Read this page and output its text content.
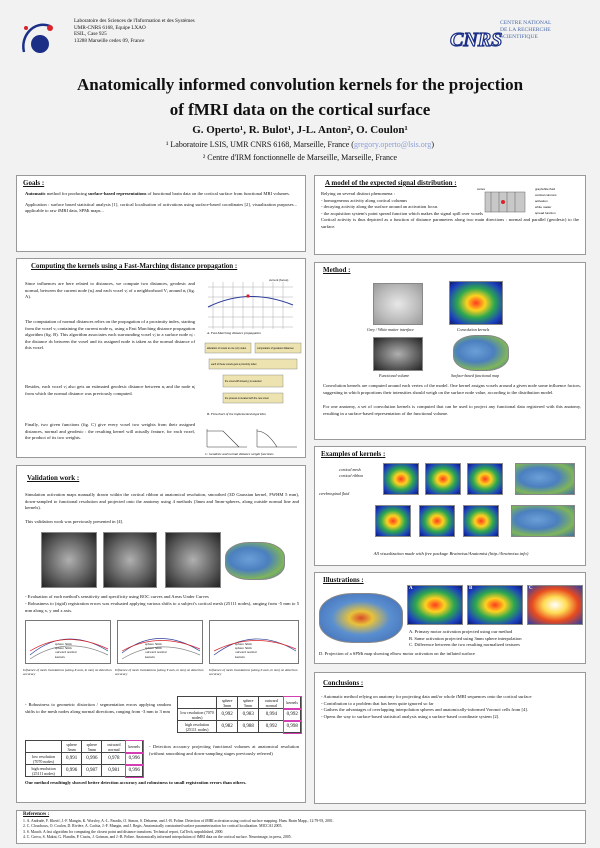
Laboratoire des Sciences de l'Information et des Systèmes
UMR-CNRS 6168, Equipe LXAO
ESIL, Case 925
13288 Marseille cedex 09, France	CNRS
CENTRE NATIONAL
DE LA RECHERCHE
SCIENTIFIQUE
Anatomically informed convolution kernels for the projection
of fMRI data on the cortical surface
G. Operto¹, R. Bulot¹, J-L. Anton², O. Coulon¹
¹ Laboratoire LSIS, UMR CNRS 6168, Marseille, France (gregory.operto@lsis.org)
² Centre d'IRM fonctionnelle de Marseille, Marseille, France
Goals :
Automatic method for producing surface-based representations of functional brain data on the cortical surface from functional MRI volumes.
Application : surface based statistical analysis [1], cortical localisation of activations using surface-based coordinates [2], visualization purposes... applicable to raw fMRI data, SPMt maps...
A model of the expected signal distribution :
Relying on several distinct phenomena :
- homogeneous activity along cortical columns
- decaying activity along the surface around an activation focus
- the acquisition system's point spread function which makes the signal spill over voxels
Cortical activity is thus depicted as a function of distance parameters along two main directions : normal and parallel (geodesic) to the surface.
gray/white fluid
cortical columns
activation
white matter
cortex
spread function
Computing the kernels using a Fast-Marching distance propagation :
Since influences are here related to distances, we compute two distances, geodesic and normal, between the current node (nᵢ) and each voxel vⱼ of a neighborhood Vᵢ around nᵢ (fig. A).
The computation of normal distances relies on the propagation of a proximity index, starting from the voxel vᵢ containing the current node nᵢ, using a Fast Marching distance propagation algorithm (fig. B). This algorithm associates each surrounding voxel vⱼ to a surface node nⱼ : the distance dₙ between the voxel and its assigned node is taken as the normal distance of this voxel.
Besides, each voxel vⱼ also gets an estimated geodesic distance between nᵢ and the node nⱼ from which the normal distance was previously computed.
Finally, two given functions (fig. C) give every voxel two weights from their assigned distances, normal and geodesic : the resulting kernel will actually feature, for each voxel, the product of its two weights.
current (focus)
A. Fast-Marching distance propagation
allocation of voxels to one (or) nodes	computation of geodesic distances
each of these voxels gets a proximity index
the voxel with lowest pⱼ is selected
the process is iterated with the new voxel
B. Flowchart of the implemented algorithm
C. Geodesic and normal distance weight functions
Method :
Grey / White matter interface	Convolution kernels
Functional volume	Surface-based functional map
Convolution kernels are computed around each vertex of the model. One kernel assigns voxels around a given node some influence factors, suggesting in which proportions their intensities should weigh on the surface node value, according to the distribution model.
For one anatomy, a set of convolution kernels is computed that can be used to project any functional data registered with this anatomy, resulting in a surface-based representation of the functional volume.
Examples of kernels :
cortical mesh
cortical ribbon
cerebrospinal fluid
All visualization made with free package Brainvisa/Anatomist (http://brainvisa.info)
Validation work :
Simulation activation maps manually drawn within the cortical ribbon at anatomical resolution, smoothed (3D Gaussian kernel, FWHM 5 mm), down-sampled to functional resolution and projected onto the anatomy using 4 methods (3mm and 5mm-spheres, along outside normal line and kernels).
This validation work was previously presented in [4].
- Evaluation of each method's sensitivity and specificity using ROC curves and Areas Under Curves
- Robustness to (rigid) registration errors was evaluated applying various shifts to a subject's cortical mesh (25111 nodes), ranging from -5 mm to 5 mm along x, y and z axis.
sphere 3mm
sphere 5mm
outward normal
kernels
sphere 3mm
sphere 5mm
outward normal
kernels
sphere 3mm
sphere 5mm
outward normal
kernels
Influence of mesh translations (along X axis, in mm) on detection accuracy
Influence of mesh translations (along Y axis, in mm) on detection accuracy
Influence of mesh translations (along Z axis, in mm) on detection accuracy
- Robustness to geometric distortion / segmentation errors applying random shifts to the mesh nodes along normal directions, ranging from -3 mm to 3 mm
	sphere 3mm	sphere 5mm	outward normal	kernels
low resolution (7070 nodes)	0,992	0,983	0,994	0,992
high resolution (25111 nodes)	0,982	0,988	0,992	0,998
	sphere 3mm	sphere 5mm	outward normal	kernels
low resolution (7070 nodes)	0,991	0,996	0,978	0,996
high resolution (25111 nodes)	0,996	0,987	0,981	0,996
- Detection accuracy projecting functional volumes at anatomical resolution (without smoothing and down-sampling stages previously referred)
Our method resultingly showed better detection accuracy and robustness to small registration errors than others.
Illustrations :
A	B	C
D
A. Primary motor activation projected using our method
B. Same activation projected using 3mm sphere interpolation
C. Difference between the two resulting normalized textures
D. Projection of a SPMt map showing elbow motor activation on the inflated surface
Conclusions :
- Automatic method relying on anatomy for projecting data and/or whole fMRI sequences onto the cortical surface
- Contribution to a problem that has been quite ignored so far
- Gathers the advantages of overlapping interpolation spheres and anatomically-informed Voronoï cells from [4].
- Opens the way to surface-based statistical analysis using a surface-based coordinate system [2].
References :
1. A. Andrade, F. Kherif, J.-F. Mangin, K. Worsley, A.-L. Paradis, O. Simon, S. Dehaene, and J.-B. Poline. Detection of fMRI activation using cortical surface mapping. Hum. Brain Mapp., 12:79-93, 2001.
2. C. Clouchoux, O. Coulon, D. Rivière, A. Cachia, J.-F. Mangin, and J. Regis. Anatomically constrained surface parameterization for cortical localization. MICCAI 2005.
3. S. Mauch. A fast algorithm for computing the closest point and distance transform. Technical report, CalTech, unpublished, 2000.
4. C. Grova, S. Makni, G. Flandin, P. Ciuciu, J. Gotman, and J.-B. Poline. Anatomically informed interpolation of fMRI data on the cortical surface. Neuroimage, in press, 2005.
